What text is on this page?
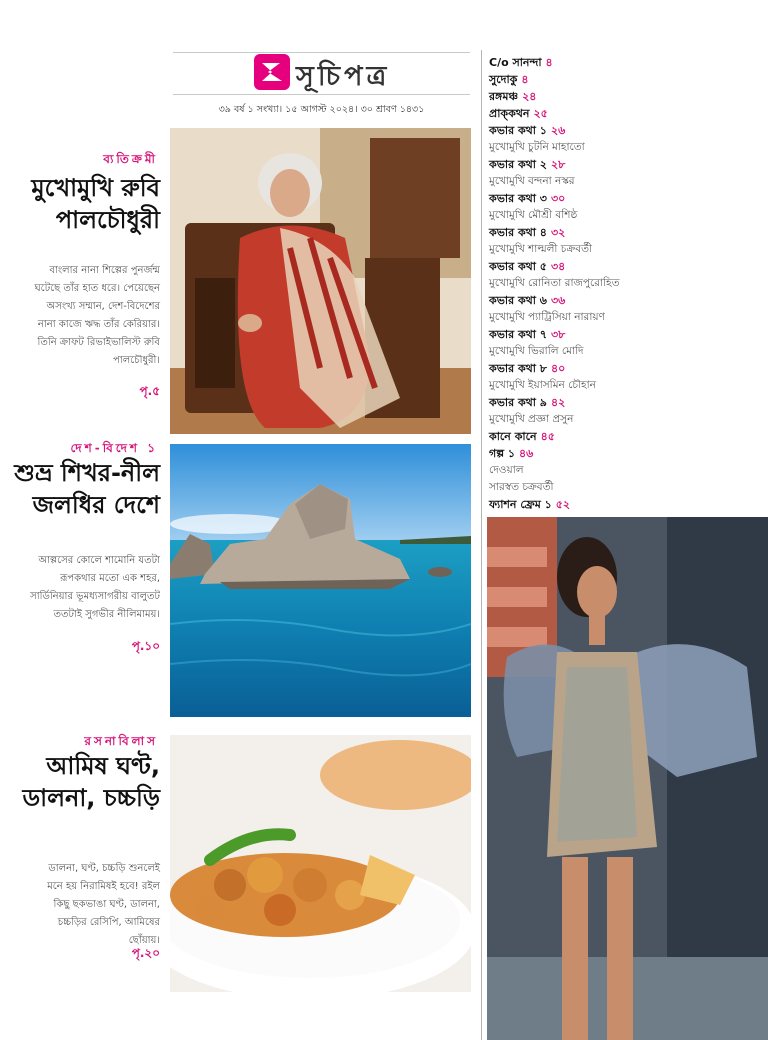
সূচিপত্র
৩৯ বর্ষ ১ সংখ্যা। ১৫ আগস্ট ২০২৪। ৩০ শ্রাবণ ১৪৩১
ব্যতিক্রমী
মুখোমুখি রুবি
পালচৌধুরী
বাংলার নানা শিল্পের পুনর্জন্ম ঘটেছে তাঁর হাত ধরে। পেয়েছেন অসংখ্য সম্মান, দেশ-বিদেশের নানা কাজে ঋদ্ধ তাঁর কেরিয়ার। তিনি ক্রাফট রিভাইভালিস্ট রুবি পালচৌধুরী।
পৃ.৫
দেশ-বিদেশ ১
শুভ্র শিখর-নীল
জলধির দেশে
আল্পসের কোলে শামোনি যতটা রূপকথার মতো এক শহর, সার্ডিনিয়ার ভূমধ্যসাগরীয় বালুতট ততটাই সুগভীর নীলিমাময়।
পৃ.১০
রসনাবিলাস
আমিষ ঘণ্ট,
ডালনা, চচ্চড়ি
ডালনা, ঘণ্ট, চচ্চড়ি শুনলেই মনে হয় নিরামিষই হবে! রইল কিছু ছকভাঙা ঘণ্ট, ডালনা, চচ্চড়ির রেসিপি, আমিষের ছোঁয়ায়।
পৃ.২০
C/o সানন্দা ৪
সুদোকু ৪
রঙ্গমঞ্চ ২৪
প্রাক্‌কথন ২৫
কভার কথা ১ ২৬
মুখোমুখি চুটনি মাহাতো
কভার কথা ২ ২৮
মুখোমুখি বন্দনা নস্কর
কভার কথা ৩ ৩০
মুখোমুখি মৌশ্রী বশিষ্ঠ
কভার কথা ৪ ৩২
মুখোমুখি শাল্মলী চক্রবর্তী
কভার কথা ৫ ৩৪
মুখোমুখি রোনিতা রাজপুরোহিত
কভার কথা ৬ ৩৬
মুখোমুখি প্যাট্রিসিয়া নারায়ণ
কভার কথা ৭ ৩৮
মুখোমুখি ভিরালি মোদি
কভার কথা ৮ ৪০
মুখোমুখি ইয়াসমিন চৌহান
কভার কথা ৯ ৪২
মুখোমুখি প্রজ্ঞা প্রসুন
কানে কানে ৪৫
গল্প ১ ৪৬
দেওয়াল
সারস্বত চক্রবর্তী
ফ্যাশন ফ্রেম ১ ৫২
